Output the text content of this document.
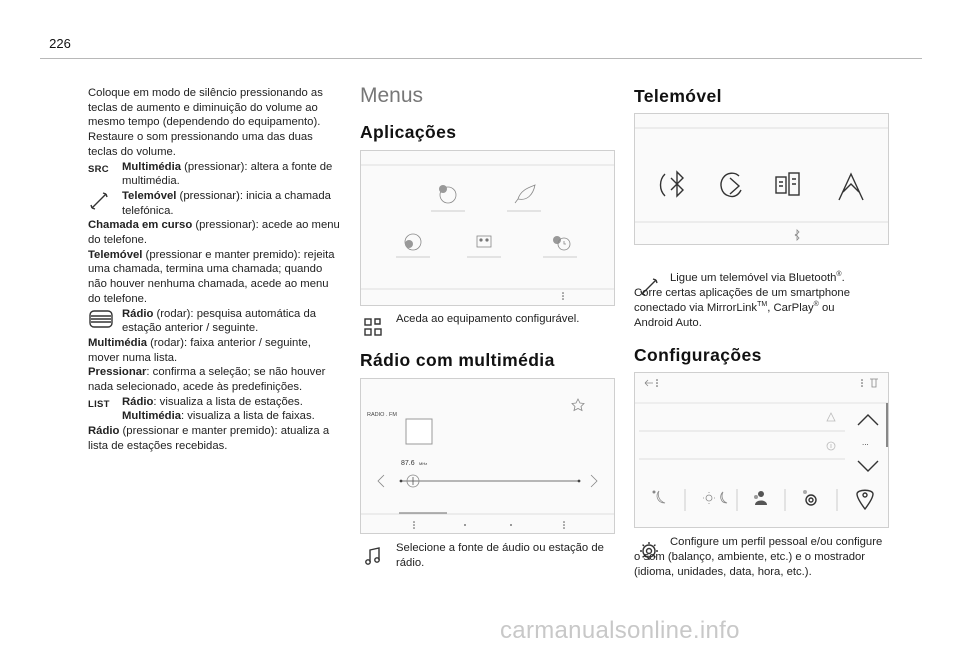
226

Coloque em modo de silêncio pressionando as teclas de aumento e diminuição do volume ao mesmo tempo (dependendo do equipamento). Restaure o som pressionando uma das duas teclas do volume.

SRC Multimédia (pressionar): altera a fonte de multimédia.
Telemóvel (pressionar): inicia a chamada telefónica.

Chamada em curso (pressionar): acede ao menu do telefone.

Telemóvel (pressionar e manter premido): rejeita uma chamada, termina uma chamada; quando não houver nenhuma chamada, acede ao menu do telefone.

Rádio (rodar): pesquisa automática da estação anterior / seguinte.

Multimédia (rodar): faixa anterior / seguinte, mover numa lista.

Pressionar: confirma a seleção; se não houver nada selecionado, acede às predefinições.

LIST Rádio: visualiza a lista de estações.
Multimédia: visualiza a lista de faixas.

Rádio (pressionar e manter premido): atualiza a lista de estações recebidas.

Menus
Aplicações
Aceda ao equipamento configurável.
Rádio com multimédia
RADIO . FM
87.6 MHz
Selecione a fonte de áudio ou estação de rádio.
Telemóvel
Ligue um telemóvel via Bluetooth®. Corre certas aplicações de um smartphone conectado via MirrorLink™, CarPlay® ou Android Auto.
Configurações
...
Configure um perfil pessoal e/ou configure o som (balanço, ambiente, etc.) e o mostrador (idioma, unidades, data, hora, etc.).
carmanualsonline.info
